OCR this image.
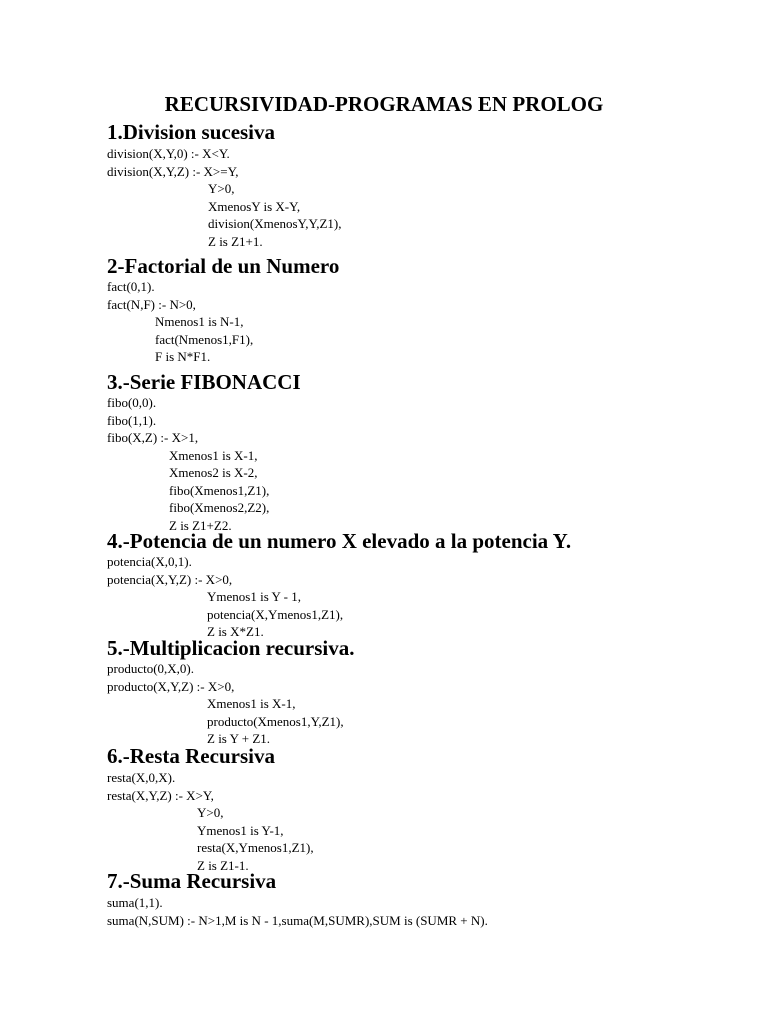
RECURSIVIDAD-PROGRAMAS EN PROLOG
1.Division sucesiva
division(X,Y,0) :- X<Y.
division(X,Y,Z) :- X>=Y,
Y>0,
XmenosY is X-Y,
division(XmenosY,Y,Z1),
Z is Z1+1.
2-Factorial de un Numero
fact(0,1).
fact(N,F) :- N>0,
Nmenos1 is N-1,
fact(Nmenos1,F1),
F is N*F1.
3.-Serie FIBONACCI
fibo(0,0).
fibo(1,1).
fibo(X,Z) :- X>1,
Xmenos1 is X-1,
Xmenos2 is X-2,
fibo(Xmenos1,Z1),
fibo(Xmenos2,Z2),
Z is Z1+Z2.
4.-Potencia de un numero X elevado a la potencia Y.
potencia(X,0,1).
potencia(X,Y,Z) :- X>0,
Ymenos1 is Y - 1,
potencia(X,Ymenos1,Z1),
Z is X*Z1.
5.-Multiplicacion recursiva.
producto(0,X,0).
producto(X,Y,Z) :- X>0,
Xmenos1 is X-1,
producto(Xmenos1,Y,Z1),
Z is Y + Z1.
6.-Resta Recursiva
resta(X,0,X).
resta(X,Y,Z) :- X>Y,
Y>0,
Ymenos1 is Y-1,
resta(X,Ymenos1,Z1),
Z is Z1-1.
7.-Suma Recursiva
suma(1,1).
suma(N,SUM) :- N>1,M is N - 1,suma(M,SUMR),SUM is (SUMR + N).
